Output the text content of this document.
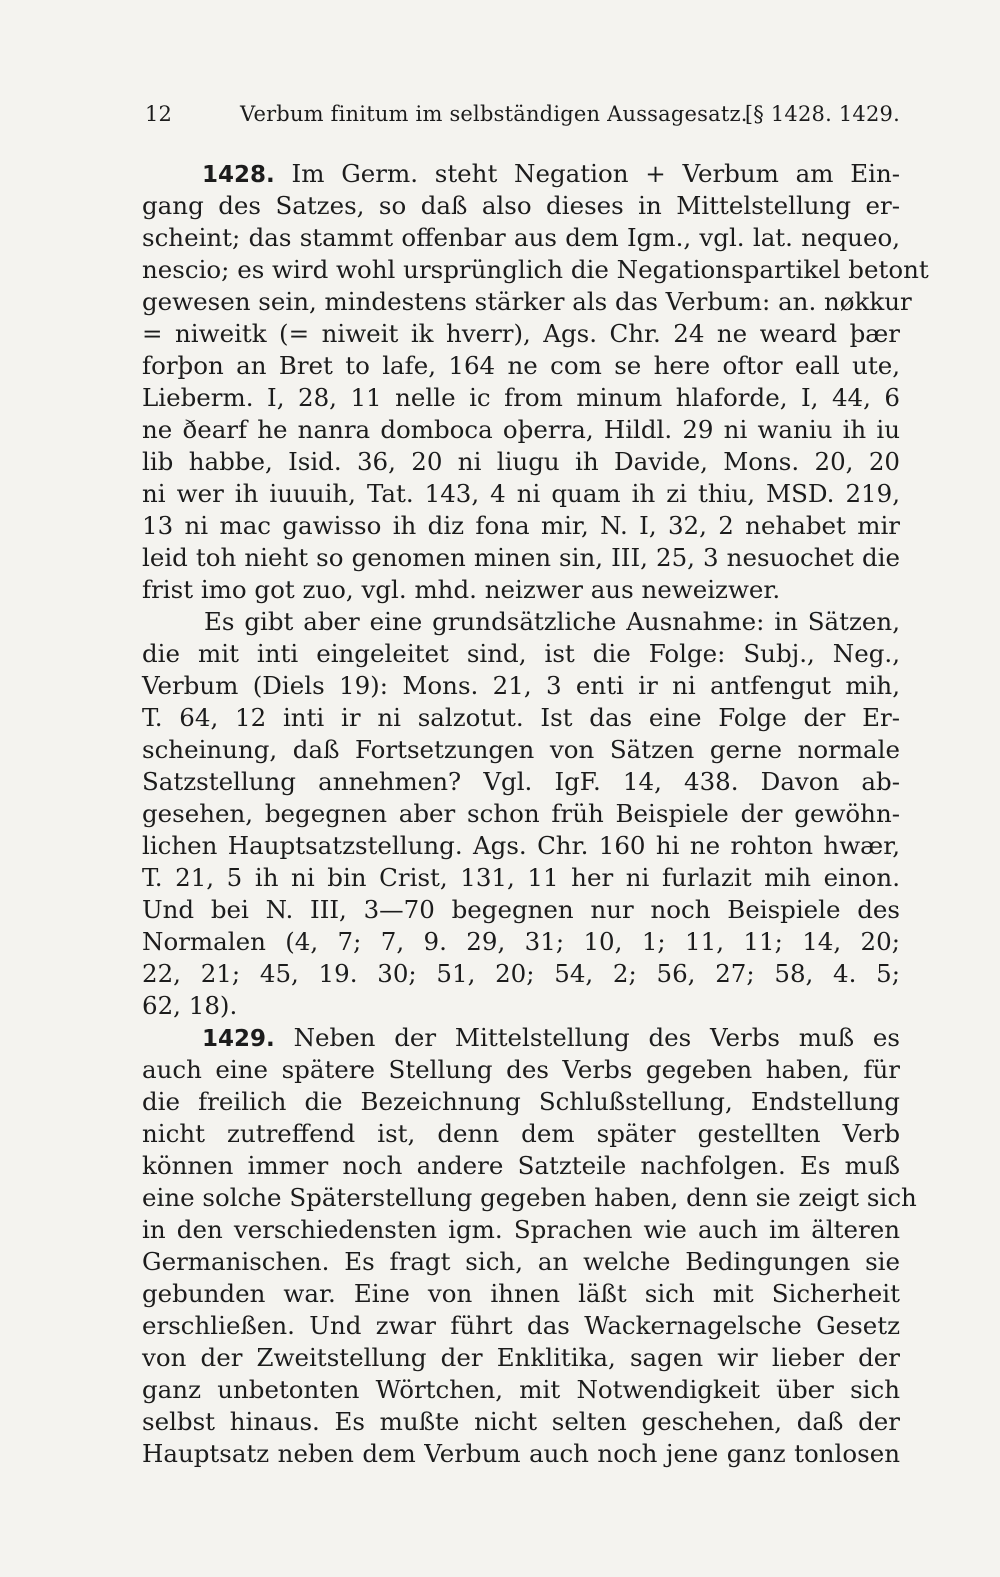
12	Verbum finitum im selbständigen Aussagesatz.
[§ 1428. 1429.
1428. Im Germ. steht Negation + Verbum am Ein-
gang des Satzes, so daß also dieses in Mittelstellung er-
scheint; das stammt offenbar aus dem Igm., vgl. lat. nequeo,
nescio; es wird wohl ursprünglich die Negationspartikel betont
gewesen sein, mindestens stärker als das Verbum: an. nøkkur
= niweitk (= niweit ik hverr), Ags. Chr. 24 ne weard þær
forþon an Bret to lafe, 164 ne com se here oftor eall ute,
Lieberm. I, 28, 11 nelle ic from minum hlaforde, I, 44, 6
ne ðearf he nanra domboca oþerra, Hildl. 29 ni waniu ih iu
lib habbe, Isid. 36, 20 ni liugu ih Davide, Mons. 20, 20
ni wer ih iuuuih, Tat. 143, 4 ni quam ih zi thiu, MSD. 219,
13 ni mac gawisso ih diz fona mir, N. I, 32, 2 nehabet mir
leid toh nieht so genomen minen sin, III, 25, 3 nesuochet die
frist imo got zuo, vgl. mhd. neizwer aus neweizwer.
Es gibt aber eine grundsätzliche Ausnahme: in Sätzen,
die mit inti eingeleitet sind, ist die Folge: Subj., Neg.,
Verbum (Diels 19): Mons. 21, 3 enti ir ni antfengut mih,
T. 64, 12 inti ir ni salzotut. Ist das eine Folge der Er-
scheinung, daß Fortsetzungen von Sätzen gerne normale
Satzstellung annehmen? Vgl. IgF. 14, 438. Davon ab-
gesehen, begegnen aber schon früh Beispiele der gewöhn-
lichen Hauptsatzstellung. Ags. Chr. 160 hi ne rohton hwær,
T. 21, 5 ih ni bin Crist, 131, 11 her ni furlazit mih einon.
Und bei N. III, 3—70 begegnen nur noch Beispiele des
Normalen (4, 7; 7, 9. 29, 31; 10, 1; 11, 11; 14, 20;
22, 21; 45, 19. 30; 51, 20; 54, 2; 56, 27; 58, 4. 5;
62, 18).
1429. Neben der Mittelstellung des Verbs muß es
auch eine spätere Stellung des Verbs gegeben haben, für
die freilich die Bezeichnung Schlußstellung, Endstellung
nicht zutreffend ist, denn dem später gestellten Verb
können immer noch andere Satzteile nachfolgen. Es muß
eine solche Späterstellung gegeben haben, denn sie zeigt sich
in den verschiedensten igm. Sprachen wie auch im älteren
Germanischen. Es fragt sich, an welche Bedingungen sie
gebunden war. Eine von ihnen läßt sich mit Sicherheit
erschließen. Und zwar führt das Wackernagelsche Gesetz
von der Zweitstellung der Enklitika, sagen wir lieber der
ganz unbetonten Wörtchen, mit Notwendigkeit über sich
selbst hinaus. Es mußte nicht selten geschehen, daß der
Hauptsatz neben dem Verbum auch noch jene ganz tonlosen
